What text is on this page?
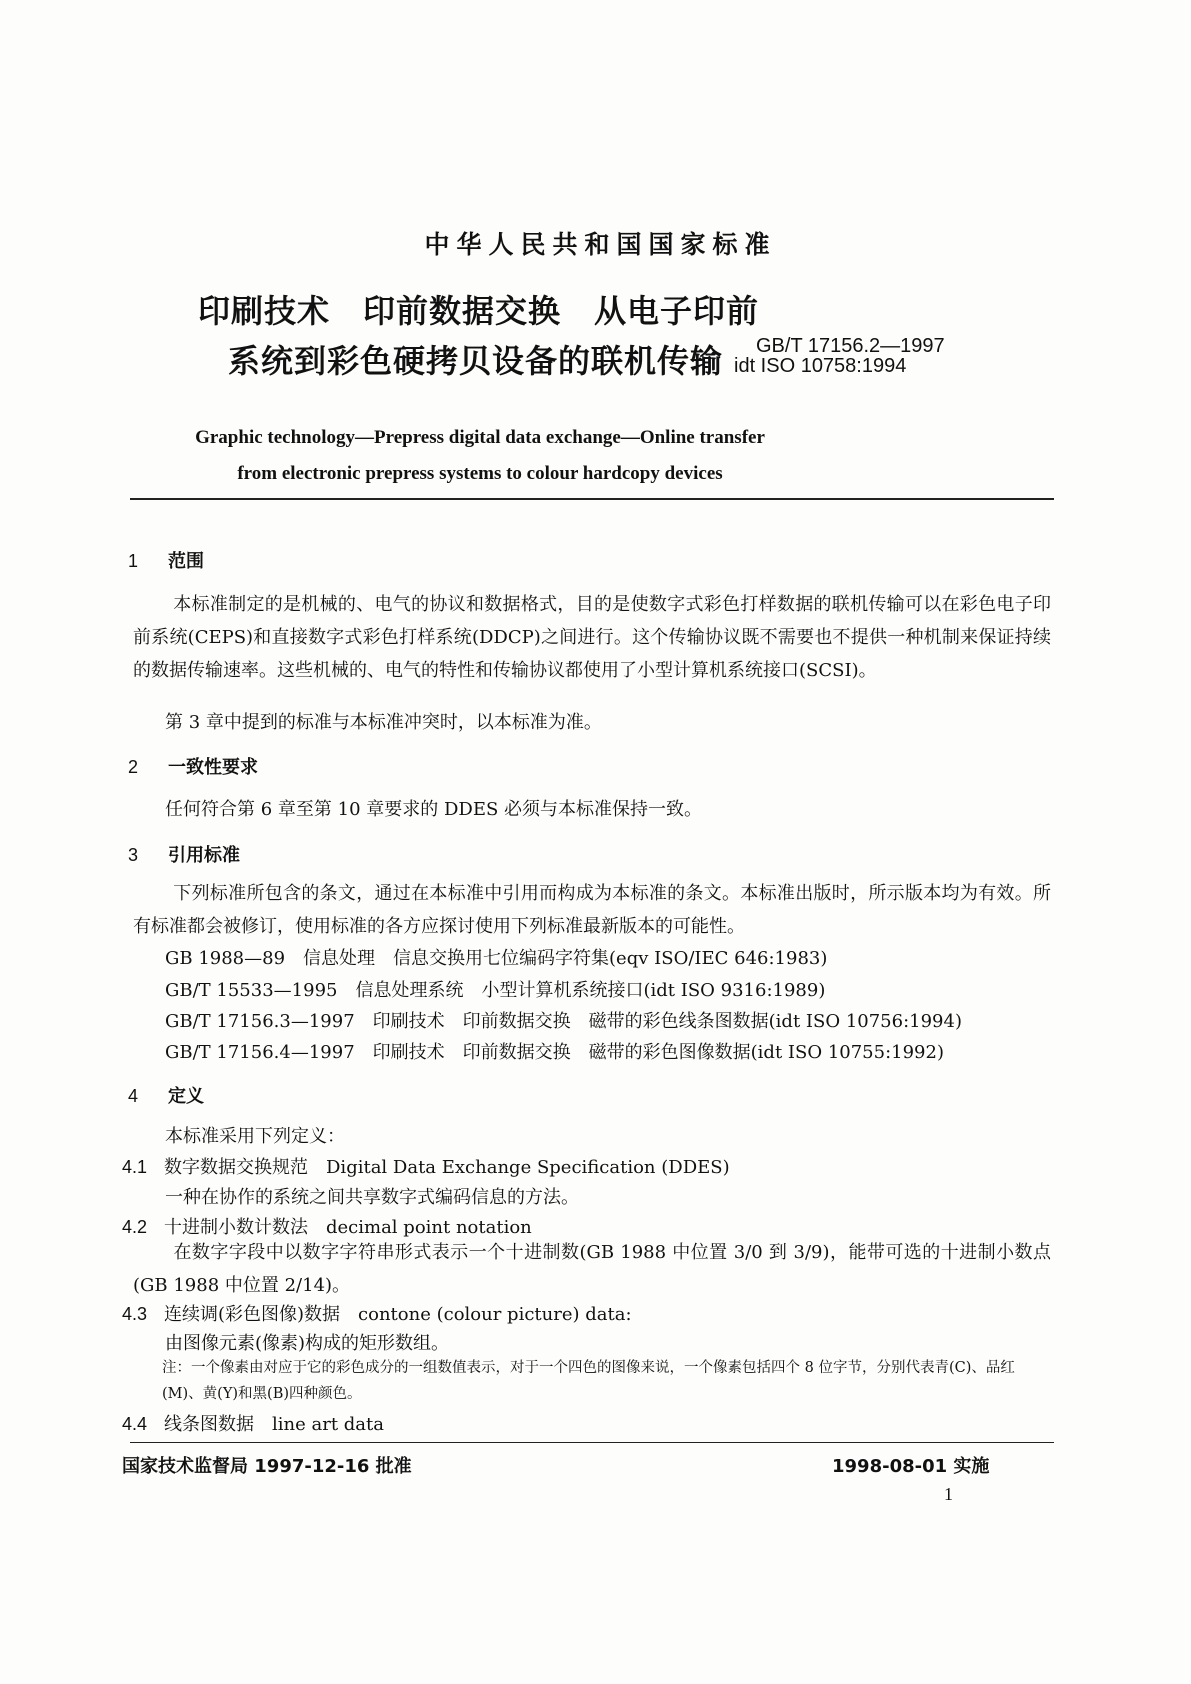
中华人民共和国国家标准
印刷技术　印前数据交换　从电子印前
系统到彩色硬拷贝设备的联机传输 GB/T 17156.2—1997
idt ISO 10758:1994
Graphic technology—Prepress digital data exchange—Online transfer
from electronic prepress systems to colour hardcopy devices
1 范围
本标准制定的是机械的、电气的协议和数据格式，目的是使数字式彩色打样数据的联机传输可以在彩色电子印前系统(CEPS)和直接数字式彩色打样系统(DDCP)之间进行。这个传输协议既不需要也不提供一种机制来保证持续的数据传输速率。这些机械的、电气的特性和传输协议都使用了小型计算机系统接口(SCSI)。
第 3 章中提到的标准与本标准冲突时，以本标准为准。
2 一致性要求
任何符合第 6 章至第 10 章要求的 DDES 必须与本标准保持一致。
3 引用标准
下列标准所包含的条文，通过在本标准中引用而构成为本标准的条文。本标准出版时，所示版本均为有效。所有标准都会被修订，使用标准的各方应探讨使用下列标准最新版本的可能性。
GB 1988—89　信息处理　信息交换用七位编码字符集(eqv ISO/IEC 646:1983)
GB/T 15533—1995　信息处理系统　小型计算机系统接口(idt ISO 9316:1989)
GB/T 17156.3—1997　印刷技术　印前数据交换　磁带的彩色线条图数据(idt ISO 10756:1994)
GB/T 17156.4—1997　印刷技术　印前数据交换　磁带的彩色图像数据(idt ISO 10755:1992)
4 定义
本标准采用下列定义：
4.1 数字数据交换规范　Digital Data Exchange Specification (DDES)
一种在协作的系统之间共享数字式编码信息的方法。
4.2 十进制小数计数法　decimal point notation
在数字字段中以数字字符串形式表示一个十进制数(GB 1988 中位置 3/0 到 3/9)，能带可选的十进制小数点(GB 1988 中位置 2/14)。
4.3 连续调(彩色图像)数据　contone (colour picture) data:
由图像元素(像素)构成的矩形数组。
注：一个像素由对应于它的彩色成分的一组数值表示，对于一个四色的图像来说，一个像素包括四个 8 位字节，分别代表青(C)、品红(M)、黄(Y)和黑(B)四种颜色。
4.4 线条图数据　line art data
国家技术监督局 1997-12-16 批准	1998-08-01 实施
1
